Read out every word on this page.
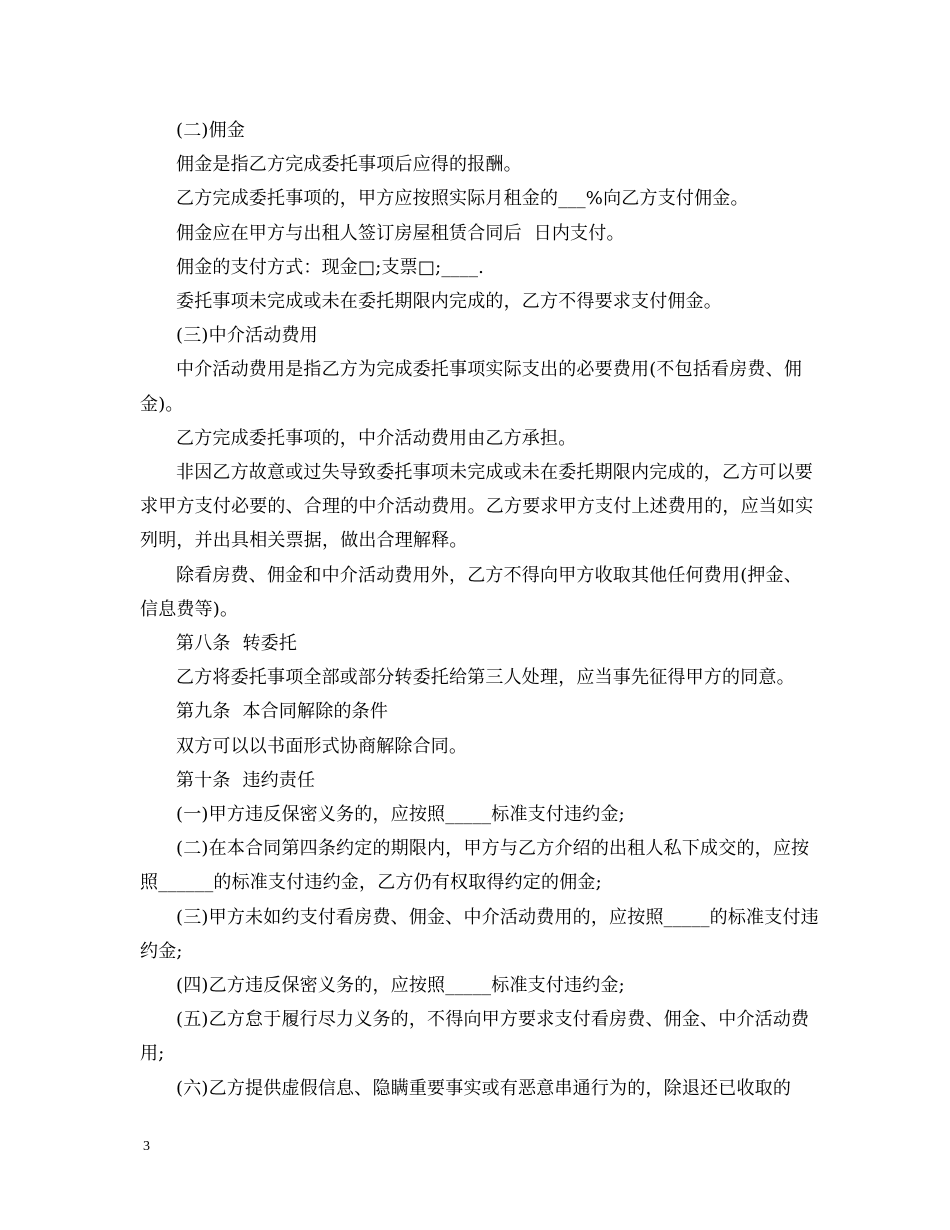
(二)佣金

佣金是指乙方完成委托事项后应得的报酬。

乙方完成委托事项的，甲方应按照实际月租金的___%向乙方支付佣金。

佣金应在甲方与出租人签订房屋租赁合同后  日内支付。

佣金的支付方式：现金□;支票□;____.

委托事项未完成或未在委托期限内完成的，乙方不得要求支付佣金。

(三)中介活动费用

中介活动费用是指乙方为完成委托事项实际支出的必要费用(不包括看房费、佣金)。

乙方完成委托事项的，中介活动费用由乙方承担。

非因乙方故意或过失导致委托事项未完成或未在委托期限内完成的，乙方可以要求甲方支付必要的、合理的中介活动费用。乙方要求甲方支付上述费用的，应当如实列明，并出具相关票据，做出合理解释。

除看房费、佣金和中介活动费用外，乙方不得向甲方收取其他任何费用(押金、信息费等)。

第八条  转委托

乙方将委托事项全部或部分转委托给第三人处理，应当事先征得甲方的同意。

第九条  本合同解除的条件

双方可以以书面形式协商解除合同。

第十条  违约责任

(一)甲方违反保密义务的，应按照_____标准支付违约金;

(二)在本合同第四条约定的期限内，甲方与乙方介绍的出租人私下成交的，应按照______的标准支付违约金，乙方仍有权取得约定的佣金;

(三)甲方未如约支付看房费、佣金、中介活动费用的，应按照_____的标准支付违约金;

(四)乙方违反保密义务的，应按照_____标准支付违约金;

(五)乙方怠于履行尽力义务的，不得向甲方要求支付看房费、佣金、中介活动费用;

(六)乙方提供虚假信息、隐瞒重要事实或有恶意串通行为的，除退还已收取的

3
